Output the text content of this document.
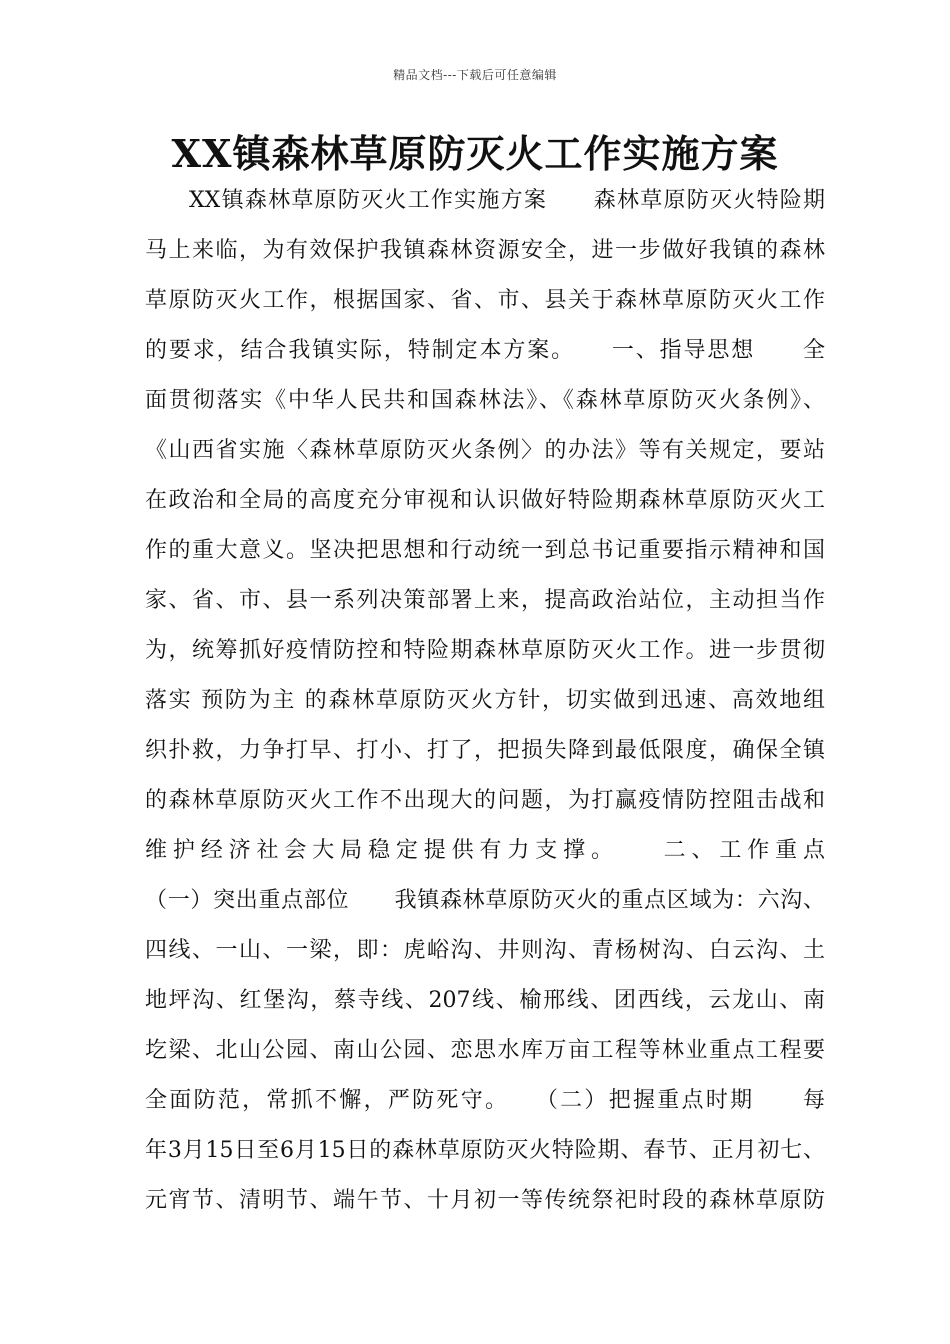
精品文档---下载后可任意编辑
XX镇森林草原防灭火工作实施方案
XX镇森林草原防灭火工作实施方案　　森林草原防灭火特险期
马上来临，为有效保护我镇森林资源安全，进一步做好我镇的森林
草原防灭火工作，根据国家、省、市、县关于森林草原防灭火工作
的要求，结合我镇实际，特制定本方案。　　一、指导思想　　全
面贯彻落实《中华人民共和国森林法》、《森林草原防灭火条例》、
《山西省实施〈森林草原防灭火条例〉的办法》等有关规定，要站
在政治和全局的高度充分审视和认识做好特险期森林草原防灭火工
作的重大意义。坚决把思想和行动统一到总书记重要指示精神和国
家、省、市、县一系列决策部署上来，提高政治站位，主动担当作
为，统筹抓好疫情防控和特险期森林草原防灭火工作。进一步贯彻
落实 预防为主 的森林草原防灭火方针，切实做到迅速、高效地组
织扑救，力争打早、打小、打了，把损失降到最低限度，确保全镇
的森林草原防灭火工作不出现大的问题，为打赢疫情防控阻击战和
维护经济社会大局稳定提供有力支撑。　　二、工作重点
（一）突出重点部位　　我镇森林草原防灭火的重点区域为：六沟、
四线、一山、一梁，即：虎峪沟、井则沟、青杨树沟、白云沟、土
地坪沟、红堡沟，蔡寺线、207线、榆邢线、团西线，云龙山、南
圪梁、北山公园、南山公园、恋思水库万亩工程等林业重点工程要
全面防范，常抓不懈，严防死守。　　（二）把握重点时期　　每
年3月15日至6月15日的森林草原防灭火特险期、春节、正月初七、
元宵节、清明节、端午节、十月初一等传统祭祀时段的森林草原防
